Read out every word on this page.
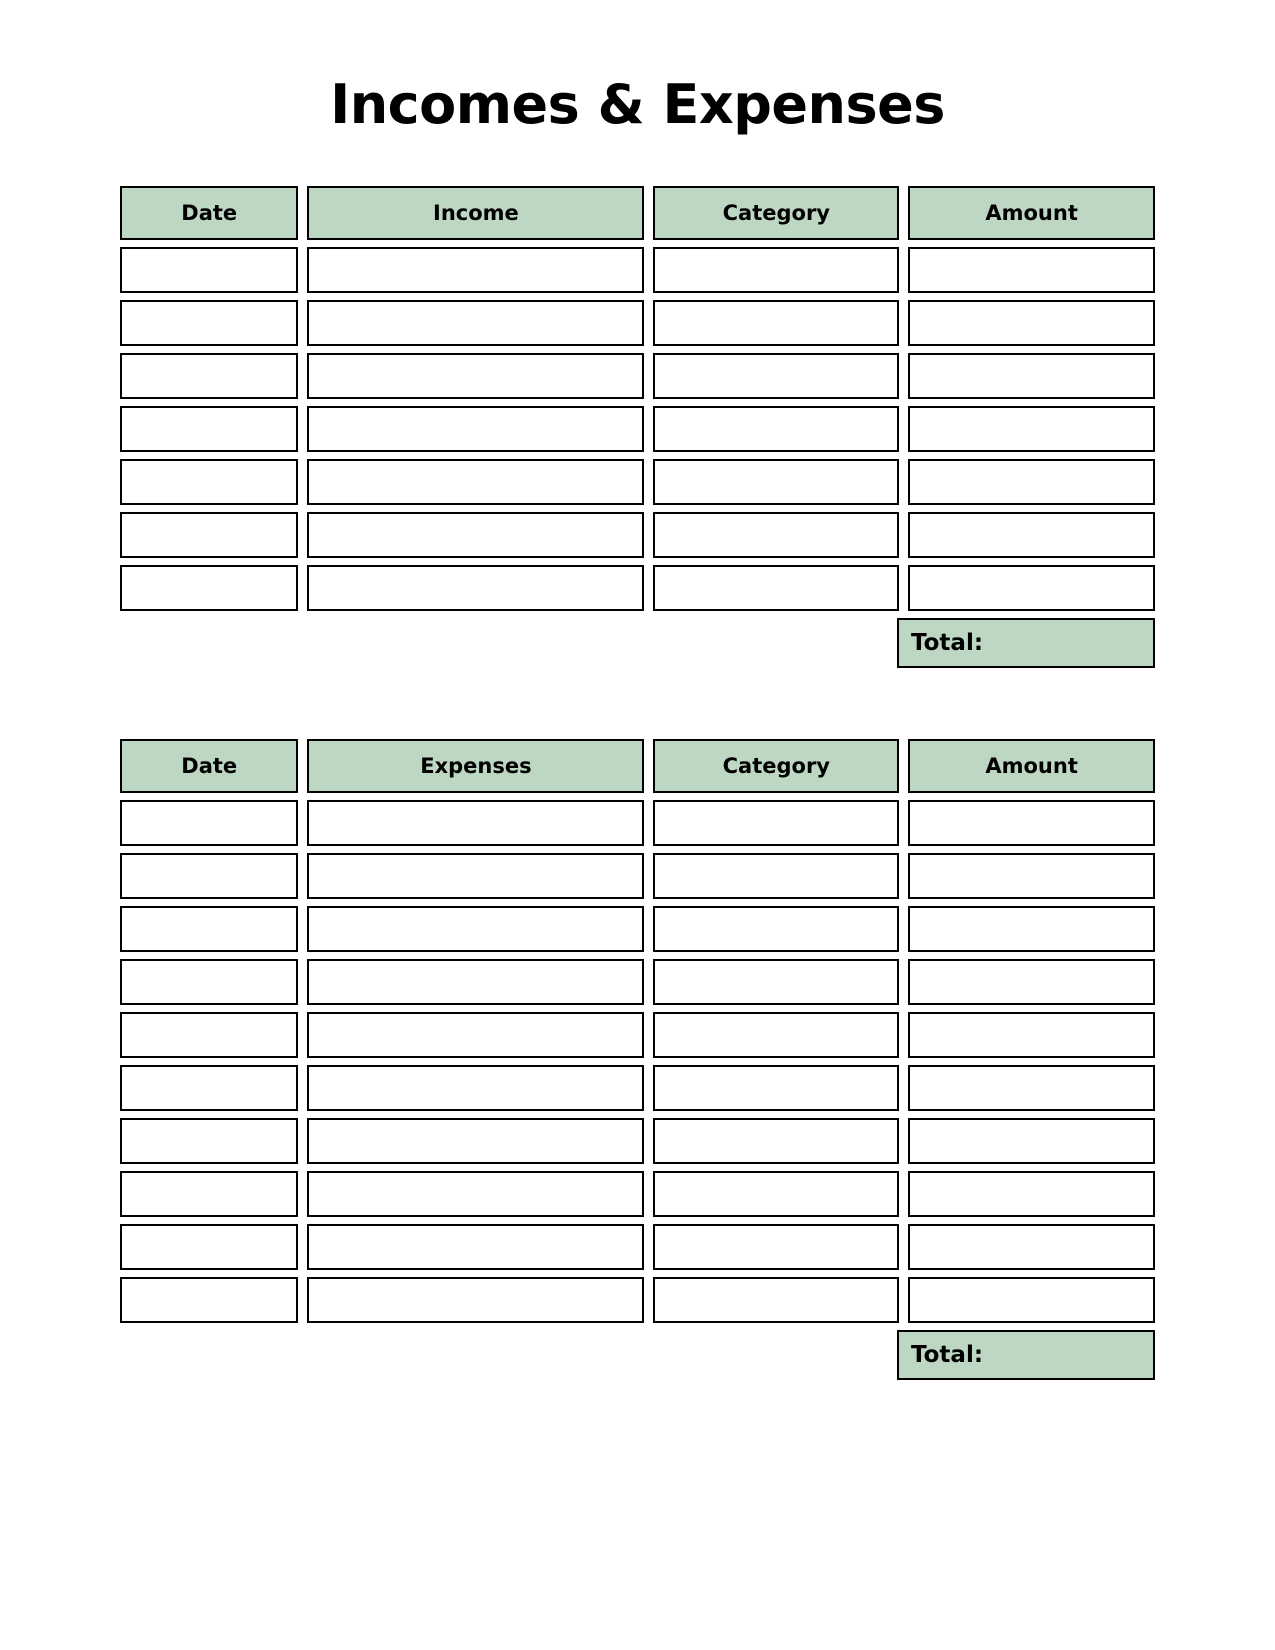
Incomes & Expenses
Date	Income	Category	Amount
Total:
Date	Expenses	Category	Amount
Total:
